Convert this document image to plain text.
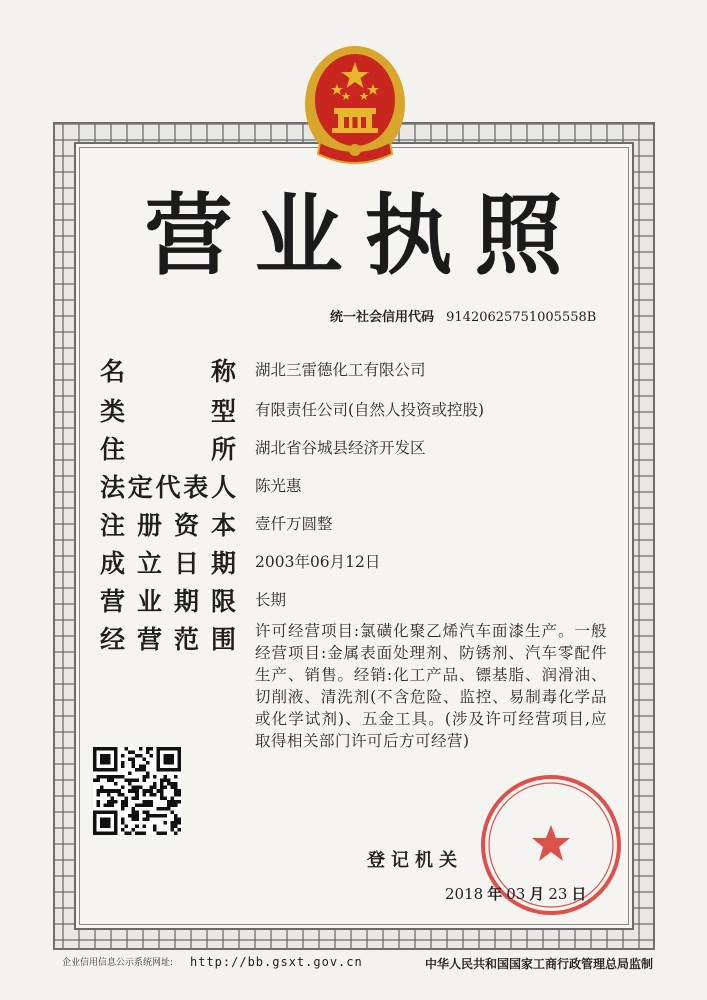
营业执照
统一社会信用代码 91420625751005558B
名	称 湖北三雷德化工有限公司
类	型 有限责任公司(自然人投资或控股)
住	所 湖北省谷城县经济开发区
法 定 代 表 人 陈光惠
注 册 资 本 壹仟万圆整
成 立 日 期 2003年06月12日
营 业 期 限 长期
经 营 范 围 许可经营项目:氯磺化聚乙烯汽车面漆生产。一般经营项目:金属表面处理剂、防锈剂、汽车零配件生产、销售。经销:化工产品、镖基脂、润滑油、切削液、清洗剂(不含危险、监控、易制毒化学品或化学试剂)、五金工具。(涉及许可经营项目,应取得相关部门许可后方可经营)
登记机关
2018 年 03 月 23 日
企业信用信息公示系统网址: http://bb.gsxt.gov.cn	中华人民共和国国家工商行政管理总局监制
